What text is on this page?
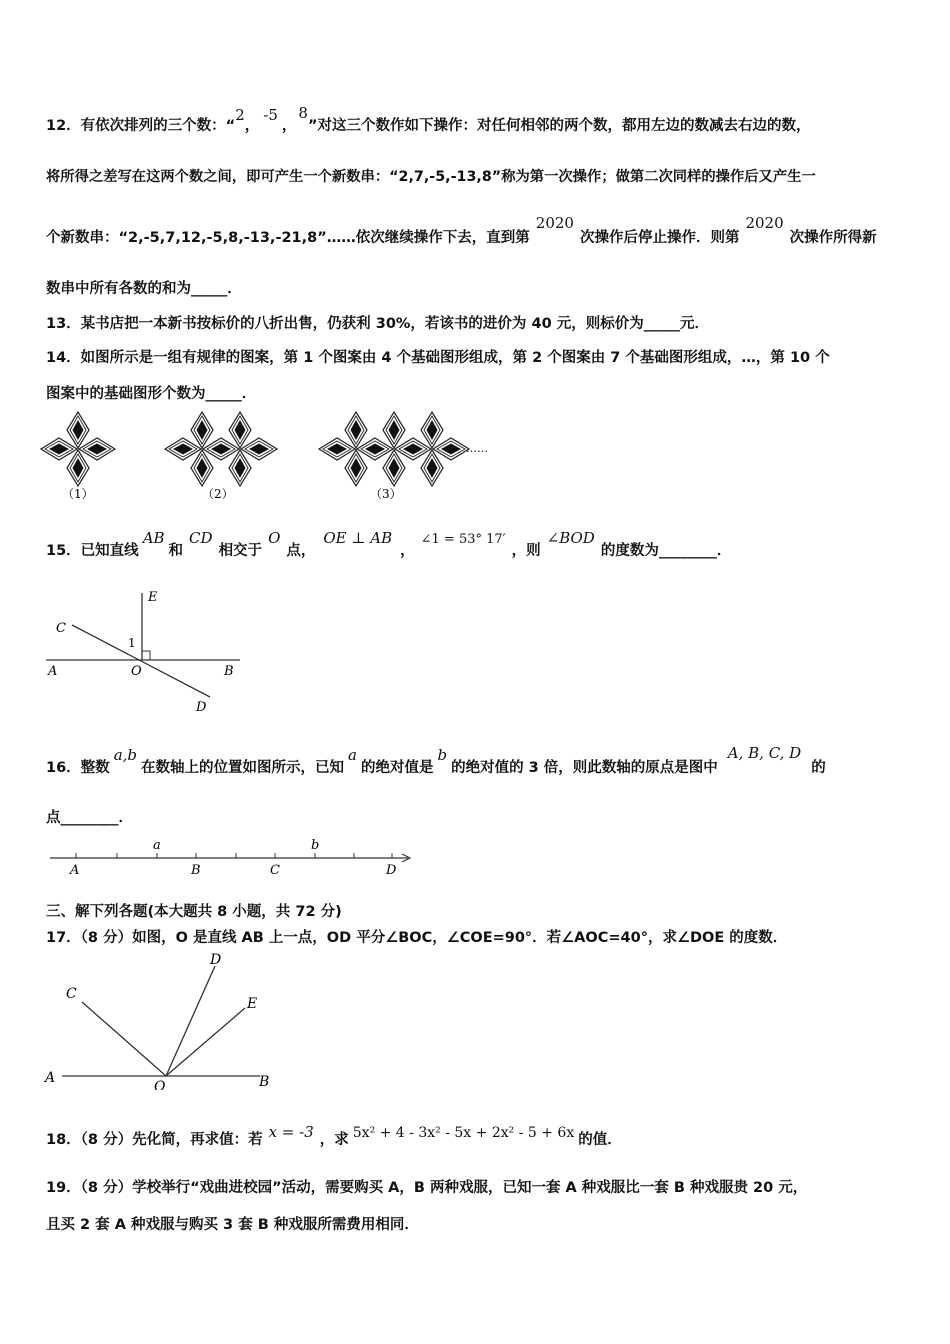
12．有依次排列的三个数：“2，-5，8”对这三个数作如下操作：对任何相邻的两个数，都用左边的数减去右边的数，
将所得之差写在这两个数之间，即可产生一个新数串：“2,7,-5,-13,8”称为第一次操作；做第二次同样的操作后又产生一
个新数串：“2,-5,7,12,-5,8,-13,-21,8”……依次继续操作下去，直到第2020次操作后停止操作．则第2020次操作所得新
数串中所有各数的和为_____．
13．某书店把一本新书按标价的八折出售，仍获利 30%，若该书的进价为 40 元，则标价为_____元．
14．如图所示是一组有规律的图案，第 1 个图案由 4 个基础图形组成，第 2 个图案由 7 个基础图形组成，…，第 10 个
图案中的基础图形个数为_____．
……
（1）	（2）	（3）
15．已知直线AB和CD相交于O点，OE ⊥ AB，∠1 = 53° 17′，则∠BOD的度数为________．
A	B
C
D
E
O
1
16．整数a,b在数轴上的位置如图所示，已知a的绝对值是b的绝对值的 3 倍，则此数轴的原点是图中A, B, C, D的
点________．
a	b
A	B	C	D
三、解下列各题(本大题共 8 小题，共 72 分)
17．（8 分）如图，O 是直线 AB 上一点，OD 平分∠BOC，∠COE=90°．若∠AOC=40°，求∠DOE 的度数．
A	B
C
D
E
O
18．（8 分）先化简，再求值：若 x = -3 ，求 5x² + 4 - 3x² - 5x + 2x² - 5 + 6x 的值．
19．（8 分）学校举行“戏曲进校园”活动，需要购买 A，B 两种戏服，已知一套 A 种戏服比一套 B 种戏服贵 20 元，
且买 2 套 A 种戏服与购买 3 套 B 种戏服所需费用相同．
